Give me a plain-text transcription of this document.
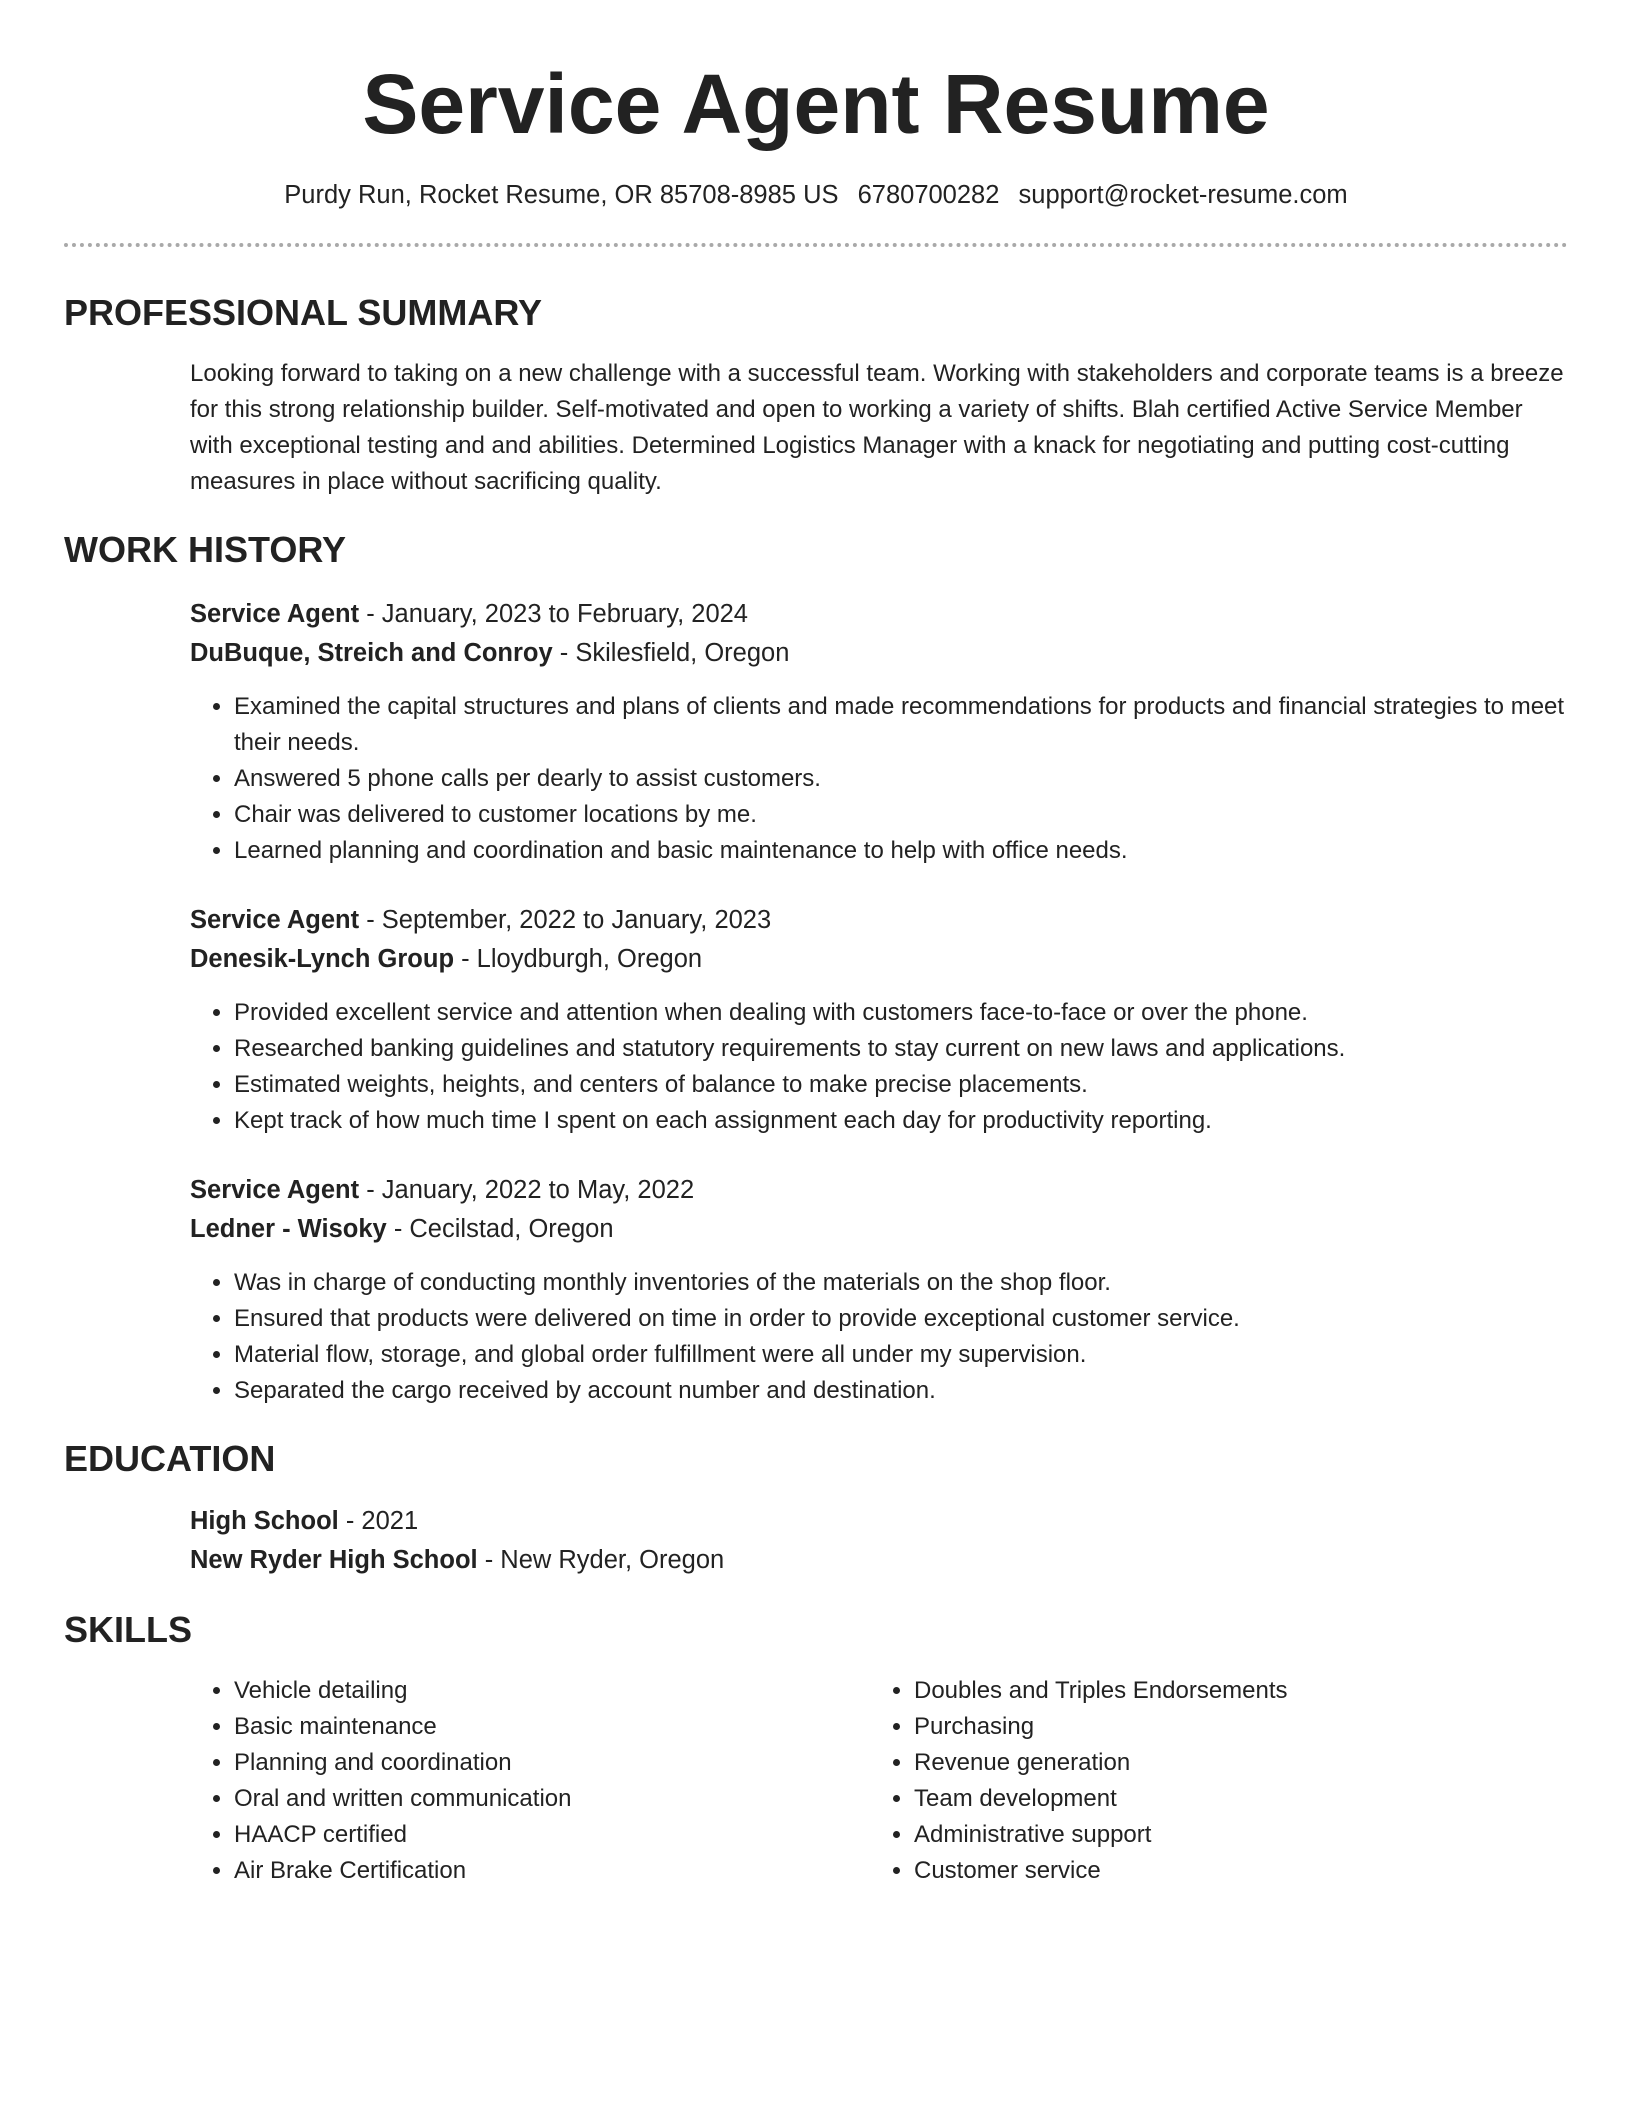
Service Agent Resume
Purdy Run, Rocket Resume, OR 85708-8985 US 6780700282 support@rocket-resume.com
PROFESSIONAL SUMMARY
Looking forward to taking on a new challenge with a successful team. Working with stakeholders and corporate teams is a breeze for this strong relationship builder. Self-motivated and open to working a variety of shifts. Blah certified Active Service Member with exceptional testing and and abilities. Determined Logistics Manager with a knack for negotiating and putting cost-cutting measures in place without sacrificing quality.
WORK HISTORY
Service Agent - January, 2023 to February, 2024
DuBuque, Streich and Conroy - Skilesfield, Oregon
• Examined the capital structures and plans of clients and made recommendations for products and financial strategies to meet their needs.
• Answered 5 phone calls per dearly to assist customers.
• Chair was delivered to customer locations by me.
• Learned planning and coordination and basic maintenance to help with office needs.
Service Agent - September, 2022 to January, 2023
Denesik-Lynch Group - Lloydburgh, Oregon
• Provided excellent service and attention when dealing with customers face-to-face or over the phone.
• Researched banking guidelines and statutory requirements to stay current on new laws and applications.
• Estimated weights, heights, and centers of balance to make precise placements.
• Kept track of how much time I spent on each assignment each day for productivity reporting.
Service Agent - January, 2022 to May, 2022
Ledner - Wisoky - Cecilstad, Oregon
• Was in charge of conducting monthly inventories of the materials on the shop floor.
• Ensured that products were delivered on time in order to provide exceptional customer service.
• Material flow, storage, and global order fulfillment were all under my supervision.
• Separated the cargo received by account number and destination.
EDUCATION
High School - 2021
New Ryder High School - New Ryder, Oregon
SKILLS
• Vehicle detailing
• Basic maintenance
• Planning and coordination
• Oral and written communication
• HAACP certified
• Air Brake Certification
• Doubles and Triples Endorsements
• Purchasing
• Revenue generation
• Team development
• Administrative support
• Customer service
